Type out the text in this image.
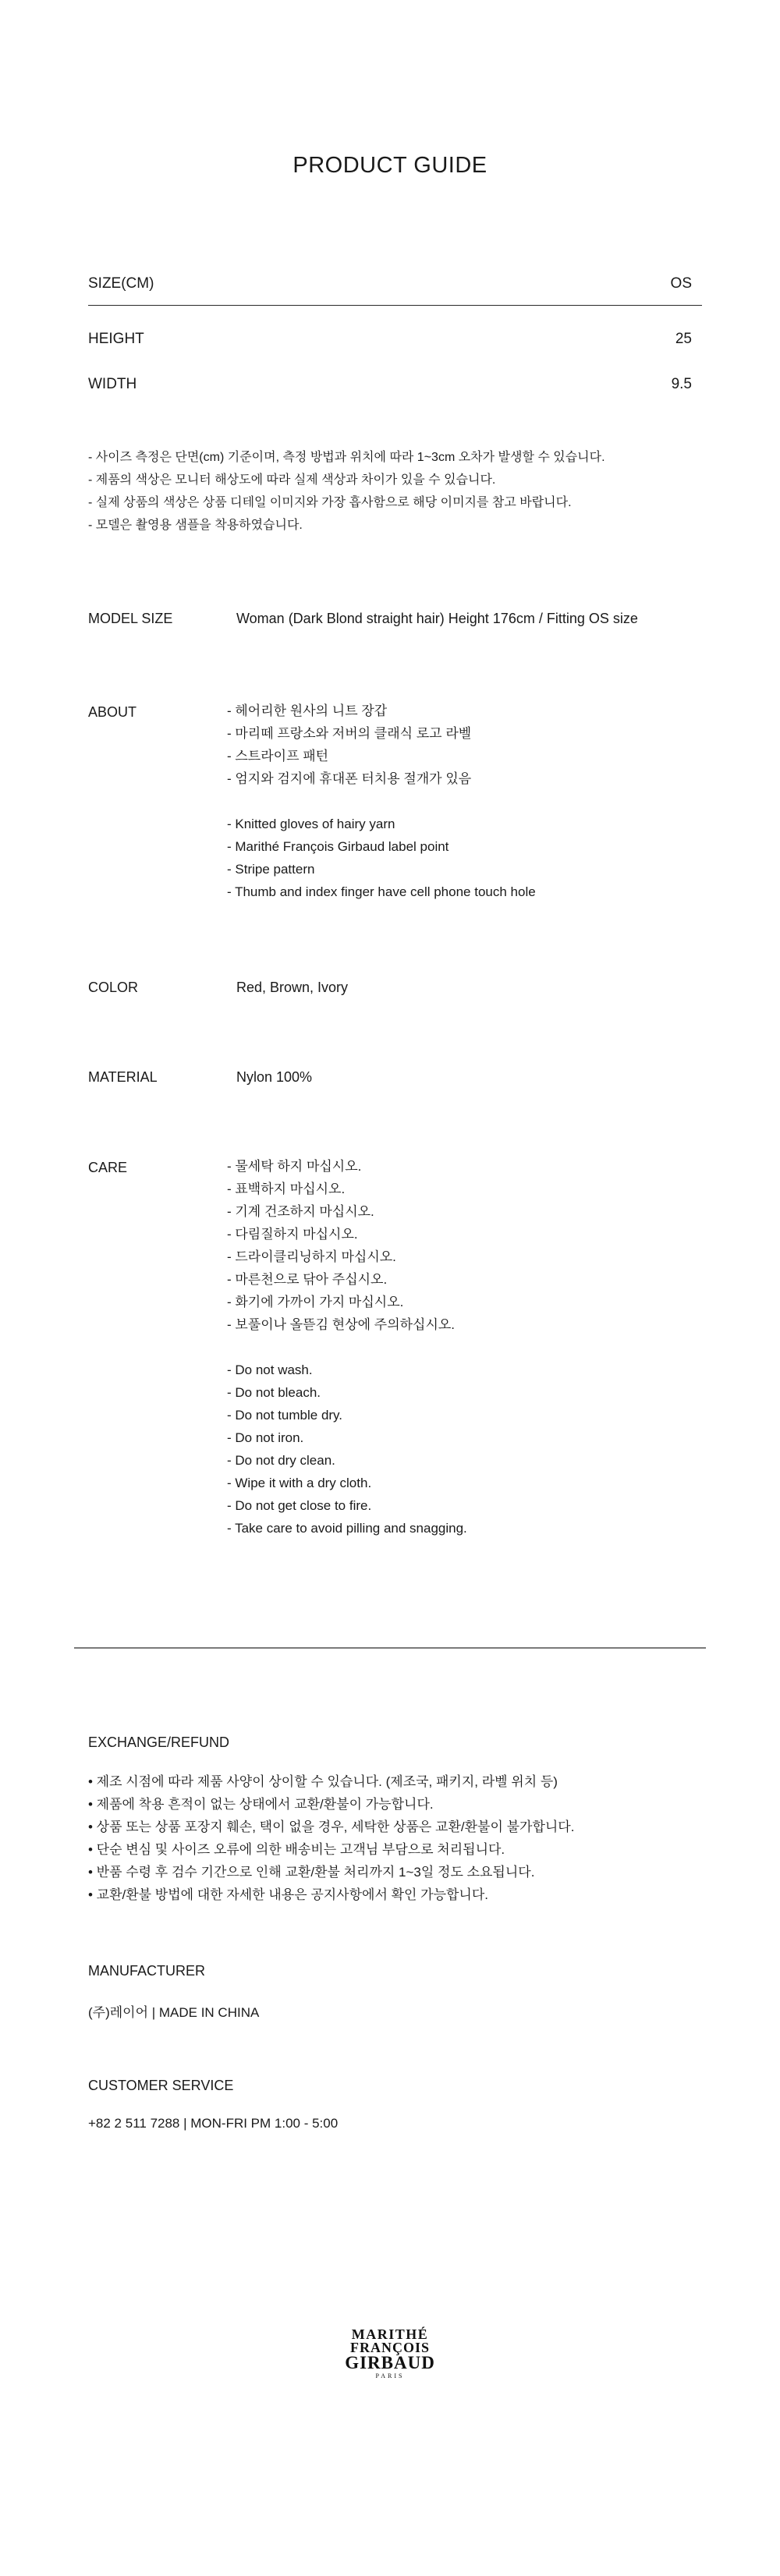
PRODUCT GUIDE
SIZE(CM)	OS
HEIGHT	25
WIDTH	9.5
- 사이즈 측정은 단면(cm) 기준이며, 측정 방법과 위치에 따라 1~3cm 오차가 발생할 수 있습니다.
- 제품의 색상은 모니터 해상도에 따라 실제 색상과 차이가 있을 수 있습니다.
- 실제 상품의 색상은 상품 디테일 이미지와 가장 흡사함으로 해당 이미지를 참고 바랍니다.
- 모델은 촬영용 샘플을 착용하였습니다.
MODEL SIZE	Woman (Dark Blond straight hair) Height 176cm / Fitting OS size
ABOUT	- 헤어리한 원사의 니트 장갑
- 마리떼 프랑소와 저버의 클래식 로고 라벨
- 스트라이프 패턴
- 엄지와 검지에 휴대폰 터치용 절개가 있음
- Knitted gloves of hairy yarn
- Marithé François Girbaud label point
- Stripe pattern
- Thumb and index finger have cell phone touch hole
COLOR	Red, Brown, Ivory
MATERIAL	Nylon 100%
CARE	- 물세탁 하지 마십시오.
- 표백하지 마십시오.
- 기계 건조하지 마십시오.
- 다림질하지 마십시오.
- 드라이클리닝하지 마십시오.
- 마른천으로 닦아 주십시오.
- 화기에 가까이 가지 마십시오.
- 보풀이나 올뜯김 현상에 주의하십시오.
- Do not wash.
- Do not bleach.
- Do not tumble dry.
- Do not iron.
- Do not dry clean.
- Wipe it with a dry cloth.
- Do not get close to fire.
- Take care to avoid pilling and snagging.
EXCHANGE/REFUND
• 제조 시점에 따라 제품 사양이 상이할 수 있습니다. (제조국, 패키지, 라벨 위치 등)
• 제품에 착용 흔적이 없는 상태에서 교환/환불이 가능합니다.
• 상품 또는 상품 포장지 훼손, 택이 없을 경우, 세탁한 상품은 교환/환불이 불가합니다.
• 단순 변심 및 사이즈 오류에 의한 배송비는 고객님 부담으로 처리됩니다.
• 반품 수령 후 검수 기간으로 인해 교환/환불 처리까지 1~3일 정도 소요됩니다.
• 교환/환불 방법에 대한 자세한 내용은 공지사항에서 확인 가능합니다.
MANUFACTURER
(주)레이어 | MADE IN CHINA
CUSTOMER SERVICE
+82 2 511 7288 | MON-FRI PM 1:00 - 5:00
MARITHÉ
FRANÇOIS
GIRBAUD
PARIS
